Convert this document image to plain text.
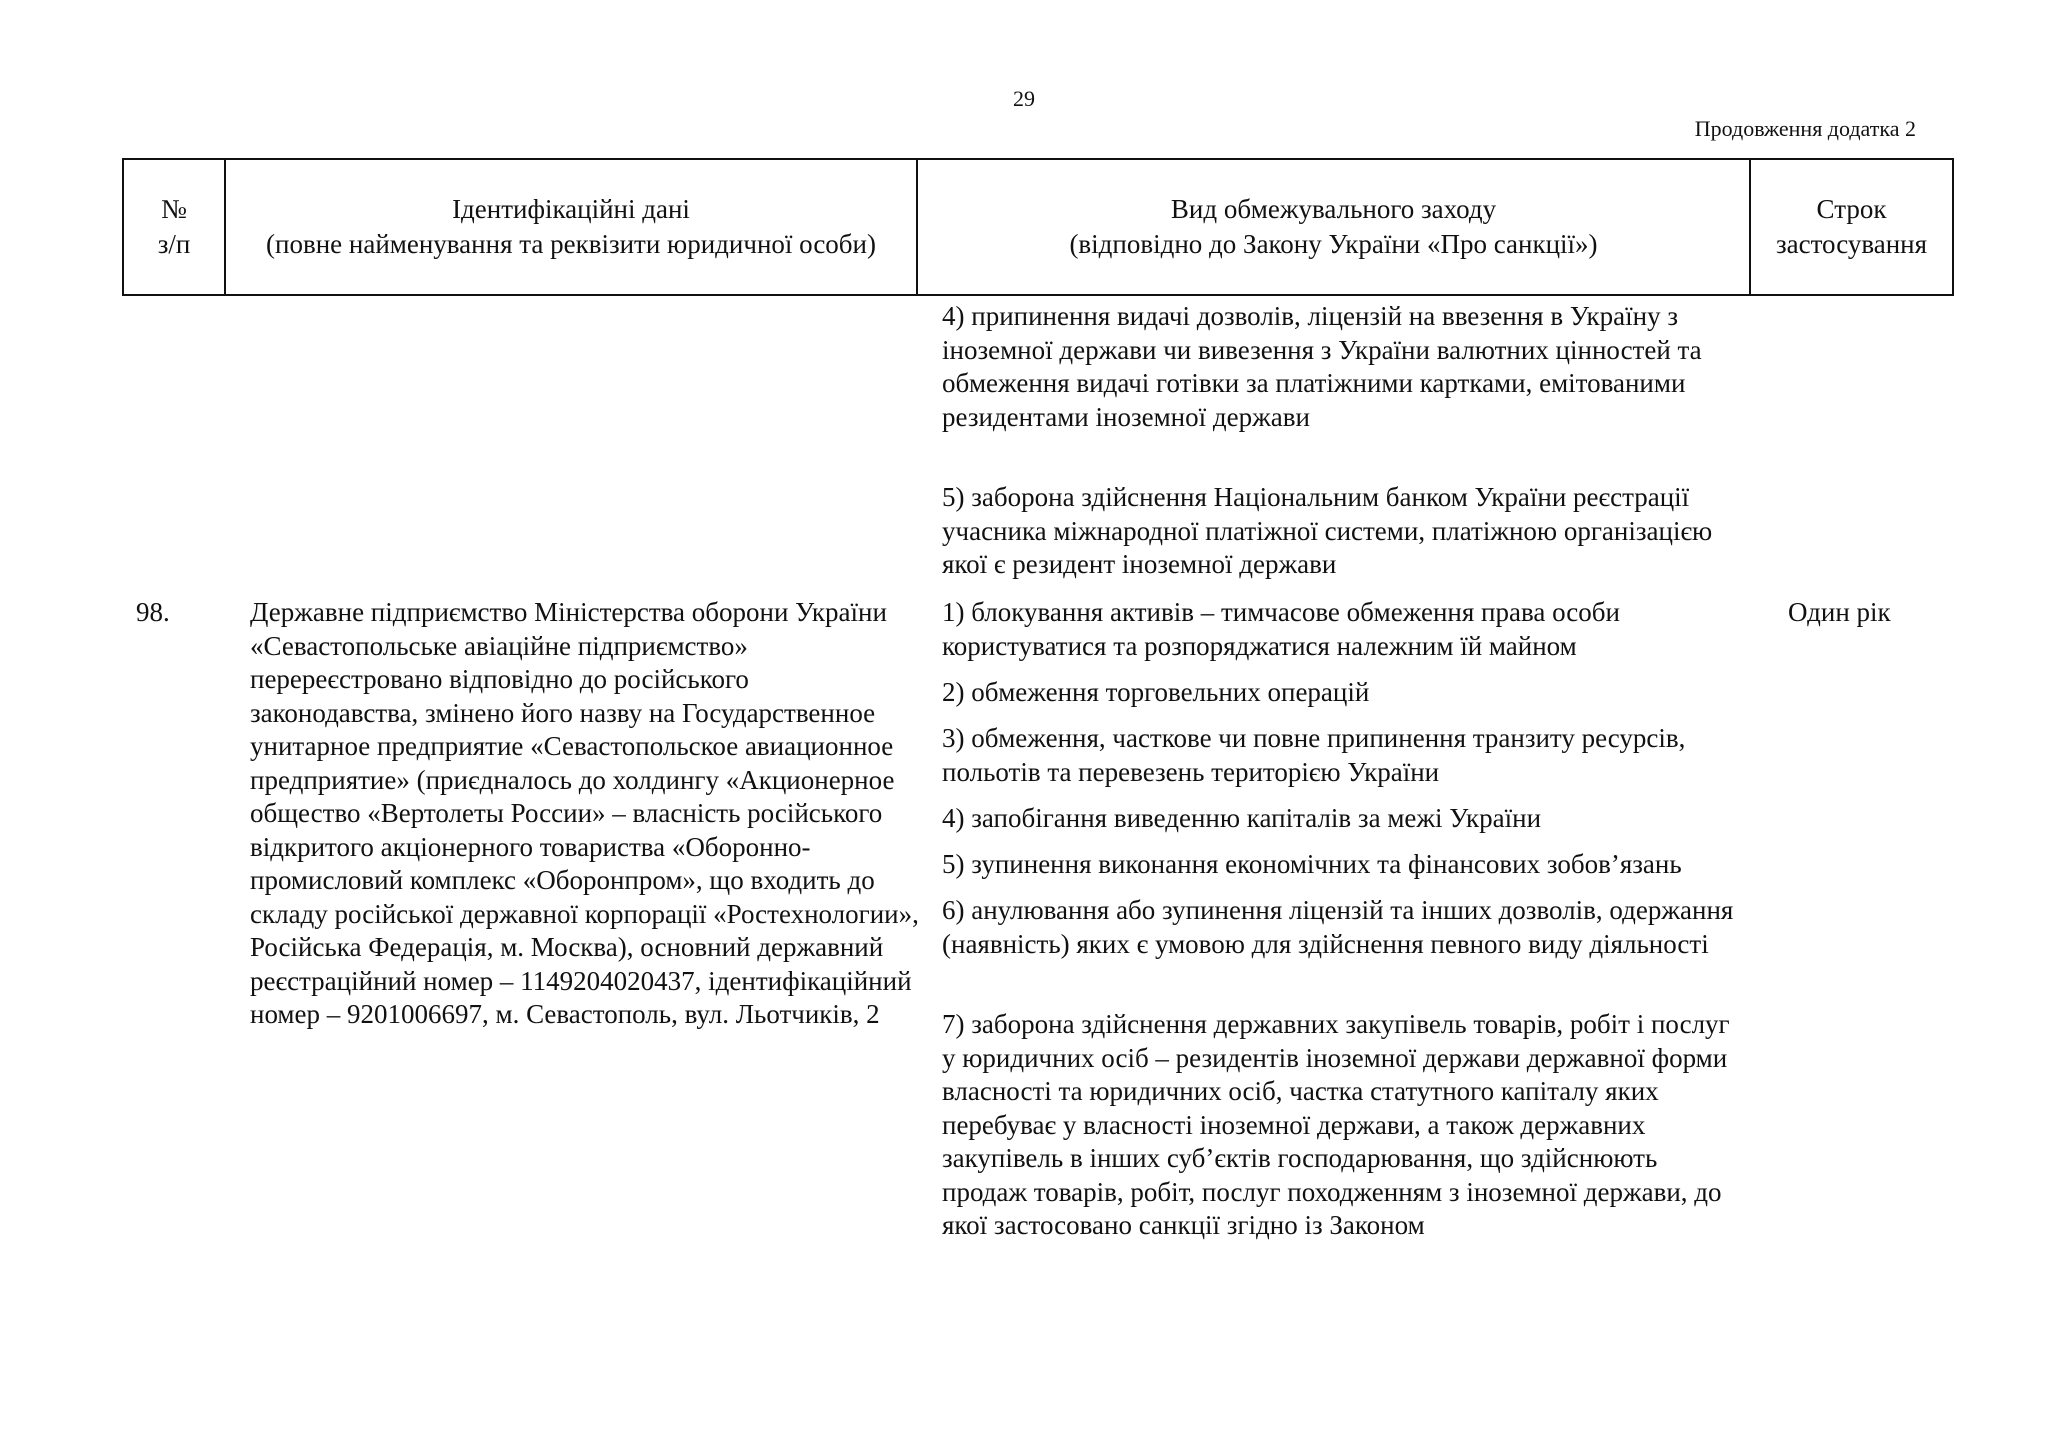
29
Продовження додатка 2
№
з/п
Ідентифікаційні дані
(повне найменування та реквізити юридичної особи)
Вид обмежувального заходу
(відповідно до Закону України «Про санкції»)
Строк
застосування
4) припинення видачі дозволів, ліцензій на ввезення в Україну з іноземної держави чи вивезення з України валютних цінностей та обмеження видачі готівки за платіжними картками, емітованими резидентами іноземної держави
5) заборона здійснення Національним банком України реєстрації учасника міжнародної платіжної системи, платіжною організацією якої є резидент іноземної держави
98.	Державне підприємство Міністерства оборони України «Севастопольське авіаційне підприємство» перереєстровано відповідно до російського законодавства, змінено його назву на Государственное унитарное предприятие «Севастопольское авиационное предприятие» (приєдналось до холдингу «Акционерное общество «Вертолеты России» – власність російського відкритого акціонерного товариства «Оборонно-промисловий комплекс «Оборонпром», що входить до складу російської державної корпорації «Ростехнологии», Російська Федерація, м. Москва), основний державний реєстраційний номер – 1149204020437, ідентифікаційний номер – 9201006697, м. Севастополь, вул. Льотчиків, 2
1) блокування активів – тимчасове обмеження права особи користуватися та розпоряджатися належним їй майном
2) обмеження торговельних операцій
3) обмеження, часткове чи повне припинення транзиту ресурсів, польотів та перевезень територією України
4) запобігання виведенню капіталів за межі України
5) зупинення виконання економічних та фінансових зобов’язань
6) анулювання або зупинення ліцензій та інших дозволів, одержання (наявність) яких є умовою для здійснення певного виду діяльності
7) заборона здійснення державних закупівель товарів, робіт і послуг у юридичних осіб – резидентів іноземної держави державної форми власності та юридичних осіб, частка статутного капіталу яких перебуває у власності іноземної держави, а також державних закупівель в інших суб’єктів господарювання, що здійснюють продаж товарів, робіт, послуг походженням з іноземної держави, до якої застосовано санкції згідно із Законом
Один рік
